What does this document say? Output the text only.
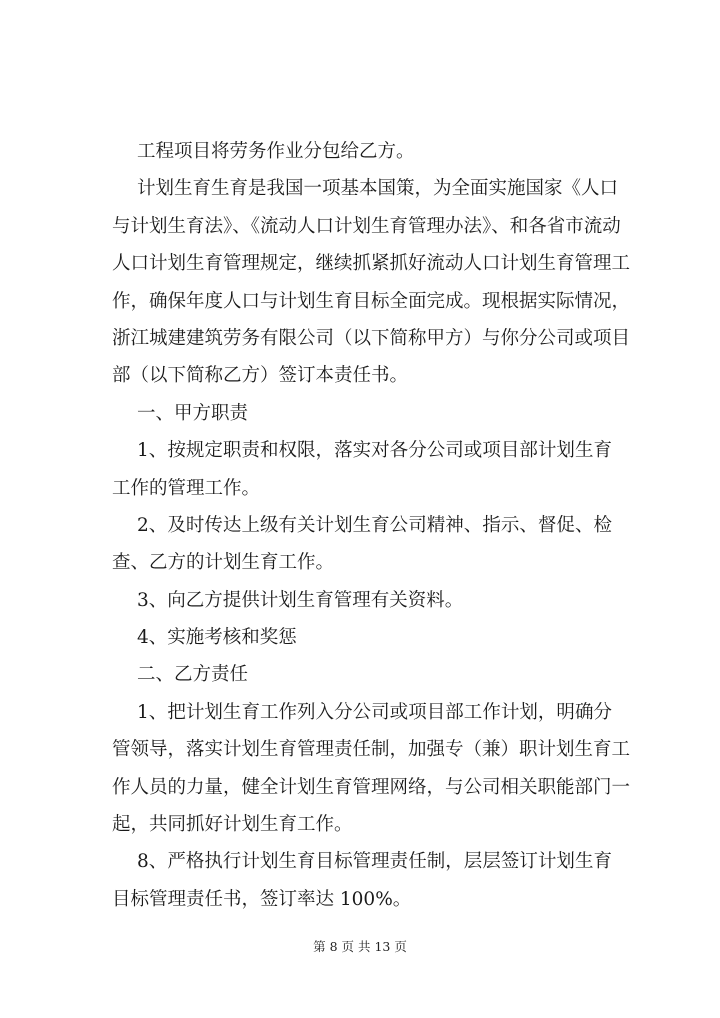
工程项目将劳务作业分包给乙方。
计划生育生育是我国一项基本国策，为全面实施国家《人口
与计划生育法》、《流动人口计划生育管理办法》、和各省市流动
人口计划生育管理规定，继续抓紧抓好流动人口计划生育管理工
作，确保年度人口与计划生育目标全面完成。现根据实际情况，
浙江城建建筑劳务有限公司（以下简称甲方）与你分公司或项目
部（以下简称乙方）签订本责任书。
一、甲方职责
1、按规定职责和权限，落实对各分公司或项目部计划生育
工作的管理工作。
2、及时传达上级有关计划生育公司精神、指示、督促、检
查、乙方的计划生育工作。
3、向乙方提供计划生育管理有关资料。
4、实施考核和奖惩
二、乙方责任
1、把计划生育工作列入分公司或项目部工作计划，明确分
管领导，落实计划生育管理责任制，加强专（兼）职计划生育工
作人员的力量，健全计划生育管理网络，与公司相关职能部门一
起，共同抓好计划生育工作。
8、严格执行计划生育目标管理责任制，层层签订计划生育
目标管理责任书，签订率达 100%。
第 8 页 共 13 页
